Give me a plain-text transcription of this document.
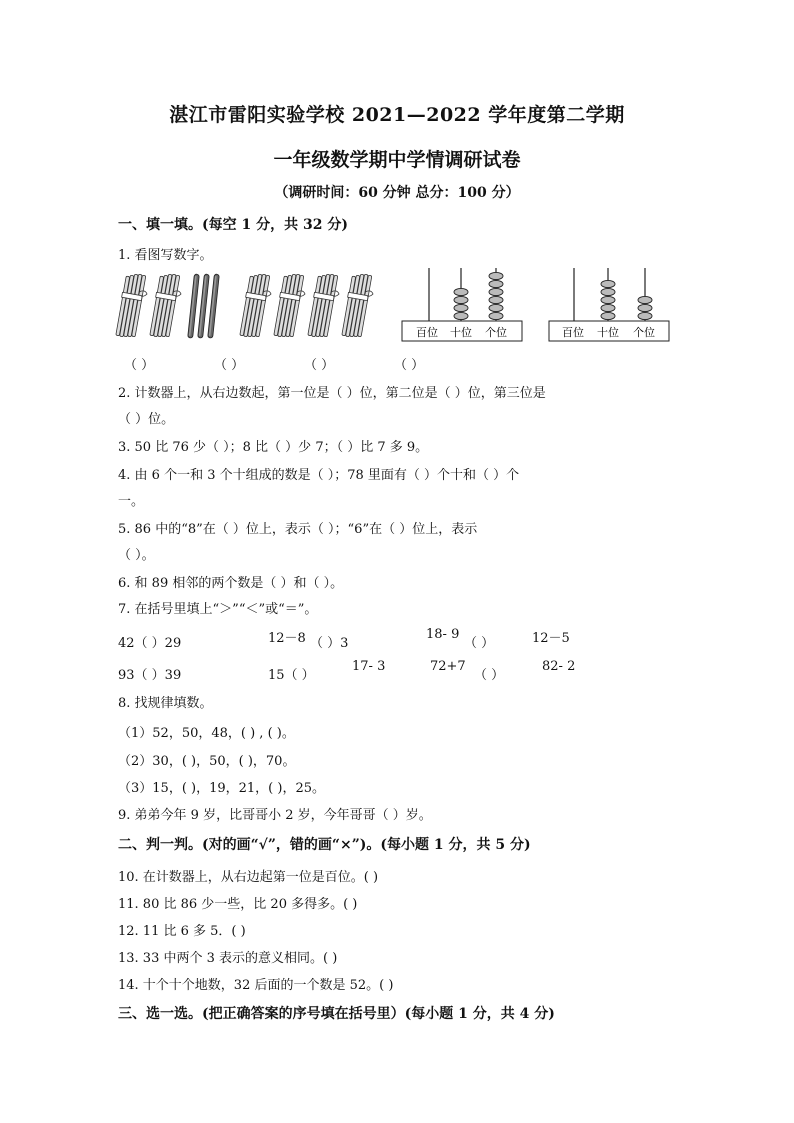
湛江市雷阳实验学校 2021—2022 学年度第二学期
一年级数学期中学情调研试卷
（调研时间：60 分钟 总分：100 分）
一、填一填。(每空 1 分，共 32 分)
1. 看图写数字。
百位 十位 个位	百位 十位 个位
（ ）	（ ）	（ ）	（ ）
2. 计数器上，从右边数起，第一位是（ ）位，第二位是（ ）位，第三位是
（ ）位。
3. 50 比 76 少（ ）；8 比（ ）少 7；（ ）比 7 多 9。
4. 由 6 个一和 3 个十组成的数是（ ）；78 里面有（ ）个十和（ ）个
一。
5. 86 中的“8”在（ ）位上，表示（ ）；“6”在（ ）位上，表示
（ ）。
6. 和 89 相邻的两个数是（ ）和（ ）。
7. 在括号里填上“＞”“＜”或“＝”。
42（ ）29	12－8 （ ）3
18- 9
（ ）	12－5
93（ ）39	15（ ）
17- 3	72+7
（ ）
82- 2
8. 找规律填数。
（1）52，50，48，( ) , ( )。
（2）30，( )，50，( )，70。
（3）15，( )，19，21，( )，25。
9. 弟弟今年 9 岁，比哥哥小 2 岁，今年哥哥（ ）岁。
二、判一判。(对的画“√”，错的画“×”)。(每小题 1 分，共 5 分)
10. 在计数器上，从右边起第一位是百位。( )
11. 80 比 86 少一些，比 20 多得多。( )
12. 11 比 6 多 5．( )
13. 33 中两个 3 表示的意义相同。( )
14. 十个十个地数，32 后面的一个数是 52。( )
三、选一选。(把正确答案的序号填在括号里）(每小题 1 分，共 4 分)
